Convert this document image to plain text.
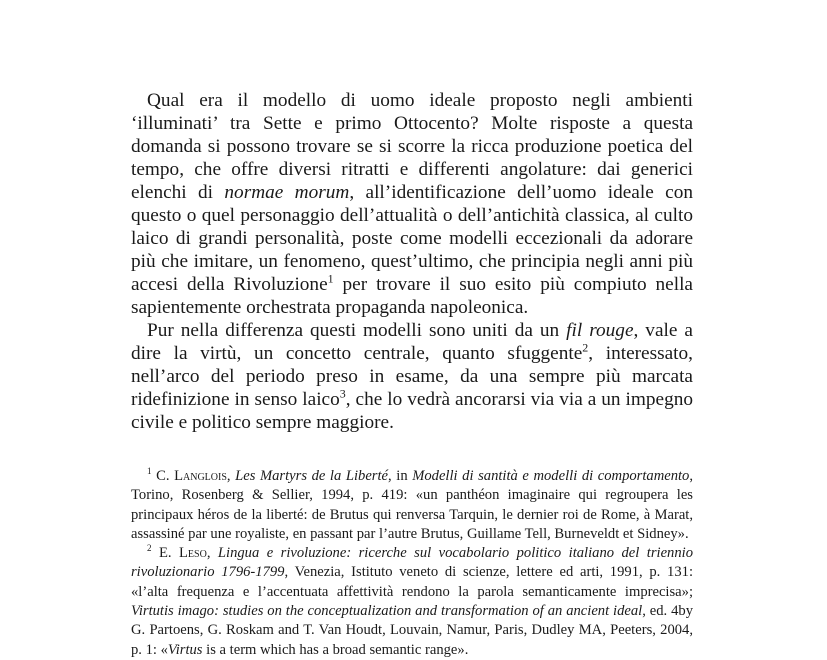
Qual era il modello di uomo ideale proposto negli ambienti ‘illuminati’ tra Sette e primo Ottocento? Molte risposte a questa domanda si possono trovare se si scorre la ricca produzione poetica del tempo, che offre diversi ritratti e differenti angolature: dai generici elenchi di normae morum, all’identificazione dell’uomo ideale con questo o quel personaggio dell’attualità o dell’antichità classica, al culto laico di grandi personalità, poste come modelli eccezionali da adorare più che imitare, un fenomeno, quest’ultimo, che principia negli anni più accesi della Rivoluzione$^1$ per trovare il suo esito più compiuto nella sapientemente orchestrata propaganda napoleonica.

Pur nella differenza questi modelli sono uniti da un fil rouge, vale a dire la virtù, un concetto centrale, quanto sfuggente$^2$, interessato, nell’arco del periodo preso in esame, da una sempre più marcata ridefinizione in senso laico$^3$, che lo vedrà ancorarsi via via a un impegno civile e politico sempre maggiore.

$^1$ C. Langlois, Les Martyrs de la Liberté, in Modelli di santità e modelli di comportamento, Torino, Rosenberg & Sellier, 1994, p. 419: «un panthéon imaginaire qui regroupera les principaux héros de la liberté: de Brutus qui renversa Tarquin, le dernier roi de Rome, à Marat, assassiné par une royaliste, en passant par l’autre Brutus, Guillame Tell, Burneveldt et Sidney».

$^2$ E. Leso, Lingua e rivoluzione: ricerche sul vocabolario politico italiano del triennio rivoluzionario 1796-1799, Venezia, Istituto veneto di scienze, lettere ed arti, 1991, p. 131: «l’alta frequenza e l’accentuata affettività rendono la parola semanticamente imprecisa»; Virtutis imago: studies on the conceptualization and transformation of an ancient ideal, ed. 4by G. Partoens, G. Roskam and T. Van Houdt, Louvain, Namur, Paris, Dudley MA, Peeters, 2004, p. 1: «Virtus is a term which has a broad semantic range».
